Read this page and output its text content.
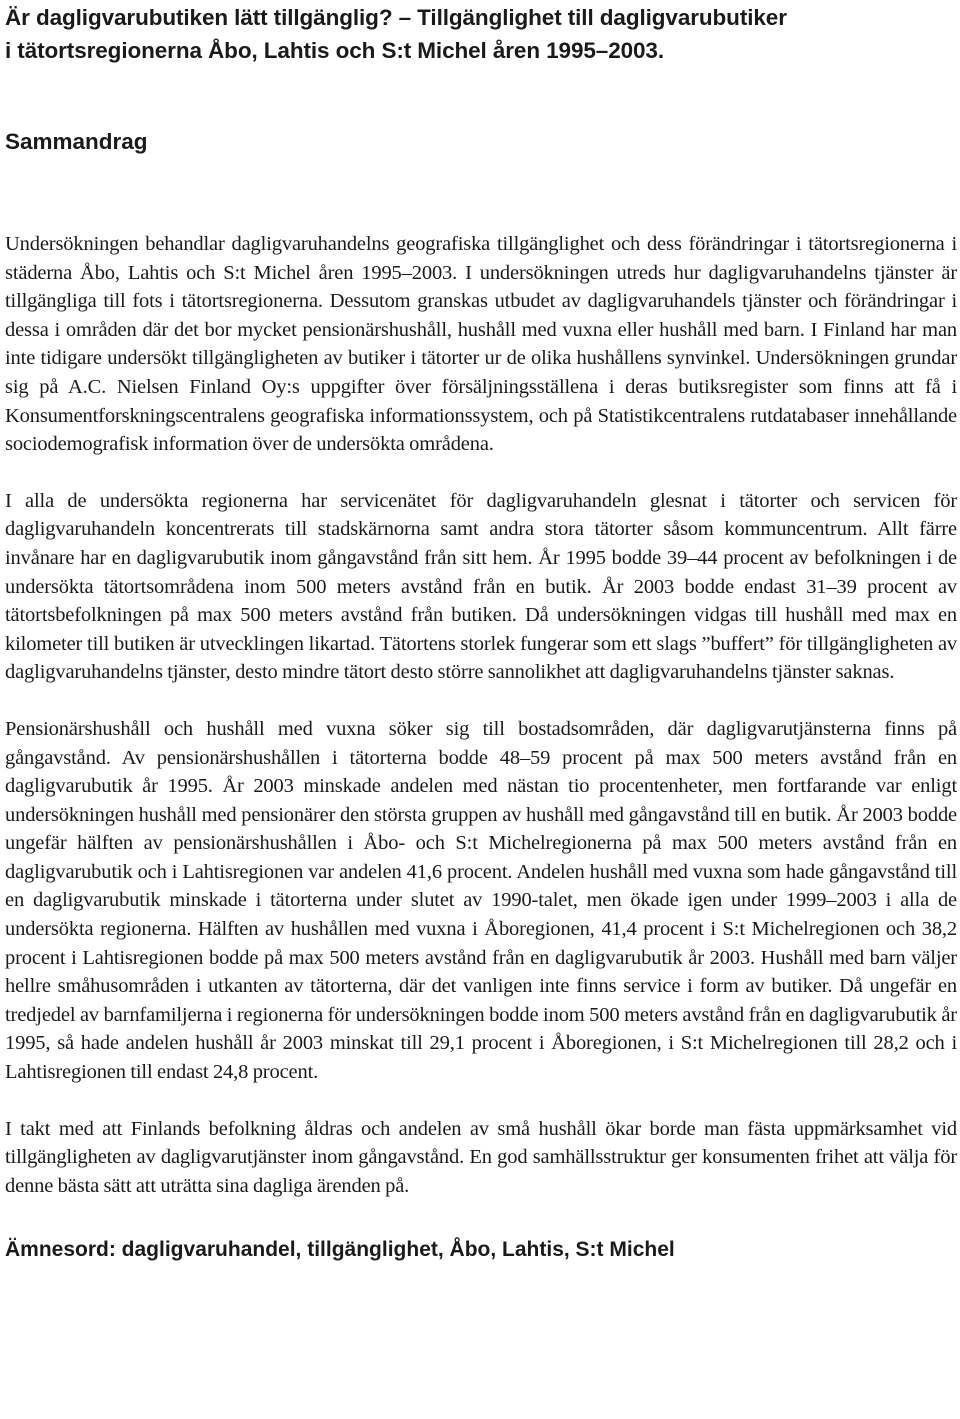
Är dagligvarubutiken lätt tillgänglig? – Tillgänglighet till dagligvarubutiker
i tätortsregionerna Åbo, Lahtis och S:t Michel åren 1995–2003.
Sammandrag

Undersökningen behandlar dagligvaruhandelns geografiska tillgänglighet och dess förändringar i tätortsregionerna i städerna Åbo, Lahtis och S:t Michel åren 1995–2003. I undersökningen utreds hur dagligvaruhandelns tjänster är tillgängliga till fots i tätortsregionerna. Dessutom granskas utbudet av dagligvaruhandels tjänster och förändringar i dessa i områden där det bor mycket pensionärshushåll, hushåll med vuxna eller hushåll med barn. I Finland har man inte tidigare undersökt tillgängligheten av butiker i tätorter ur de olika hushållens synvinkel. Undersökningen grundar sig på A.C. Nielsen Finland Oy:s uppgifter över försäljningsställena i deras butiksregister som finns att få i Konsumentforskningscentralens geografiska informationssystem, och på Statistikcentralens rutdatabaser innehållande sociodemografisk information över de undersökta områdena.

I alla de undersökta regionerna har servicenätet för dagligvaruhandeln glesnat i tätorter och servicen för dagligvaruhandeln koncentrerats till stadskärnorna samt andra stora tätorter såsom kommuncentrum. Allt färre invånare har en dagligvarubutik inom gångavstånd från sitt hem. År 1995 bodde 39–44 procent av befolkningen i de undersökta tätortsområdena inom 500 meters avstånd från en butik. År 2003 bodde endast 31–39 procent av tätortsbefolkningen på max 500 meters avstånd från butiken. Då undersökningen vidgas till hushåll med max en kilometer till butiken är utvecklingen likartad. Tätortens storlek fungerar som ett slags ”buffert” för tillgängligheten av dagligvaruhandelns tjänster, desto mindre tätort desto större sannolikhet att dagligvaruhandelns tjänster saknas.

Pensionärshushåll och hushåll med vuxna söker sig till bostadsområden, där dagligvarutjänsterna finns på gångavstånd. Av pensionärshushållen i tätorterna bodde 48–59 procent på max 500 meters avstånd från en dagligvarubutik år 1995. År 2003 minskade andelen med nästan tio procentenheter, men fortfarande var enligt undersökningen hushåll med pensionärer den största gruppen av hushåll med gångavstånd till en butik. År 2003 bodde ungefär hälften av pensionärshushållen i Åbo- och S:t Michelregionerna på max 500 meters avstånd från en dagligvarubutik och i Lahtisregionen var andelen 41,6 procent. Andelen hushåll med vuxna som hade gångavstånd till en dagligvarubutik minskade i tätorterna under slutet av 1990-talet, men ökade igen under 1999–2003 i alla de undersökta regionerna. Hälften av hushållen med vuxna i Åboregionen, 41,4 procent i S:t Michelregionen och 38,2 procent i Lahtisregionen bodde på max 500 meters avstånd från en dagligvarubutik år 2003. Hushåll med barn väljer hellre småhusområden i utkanten av tätorterna, där det vanligen inte finns service i form av butiker. Då ungefär en tredjedel av barnfamiljerna i regionerna för undersökningen bodde inom 500 meters avstånd från en dagligvarubutik år 1995, så hade andelen hushåll år 2003 minskat till 29,1 procent i Åboregionen, i S:t Michelregionen till 28,2 och i Lahtisregionen till endast 24,8 procent.

I takt med att Finlands befolkning åldras och andelen av små hushåll ökar borde man fästa uppmärksamhet vid tillgängligheten av dagligvarutjänster inom gångavstånd. En god samhällsstruktur ger konsumenten frihet att välja för denne bästa sätt att uträtta sina dagliga ärenden på.

Ämnesord: dagligvaruhandel, tillgänglighet, Åbo, Lahtis, S:t Michel
